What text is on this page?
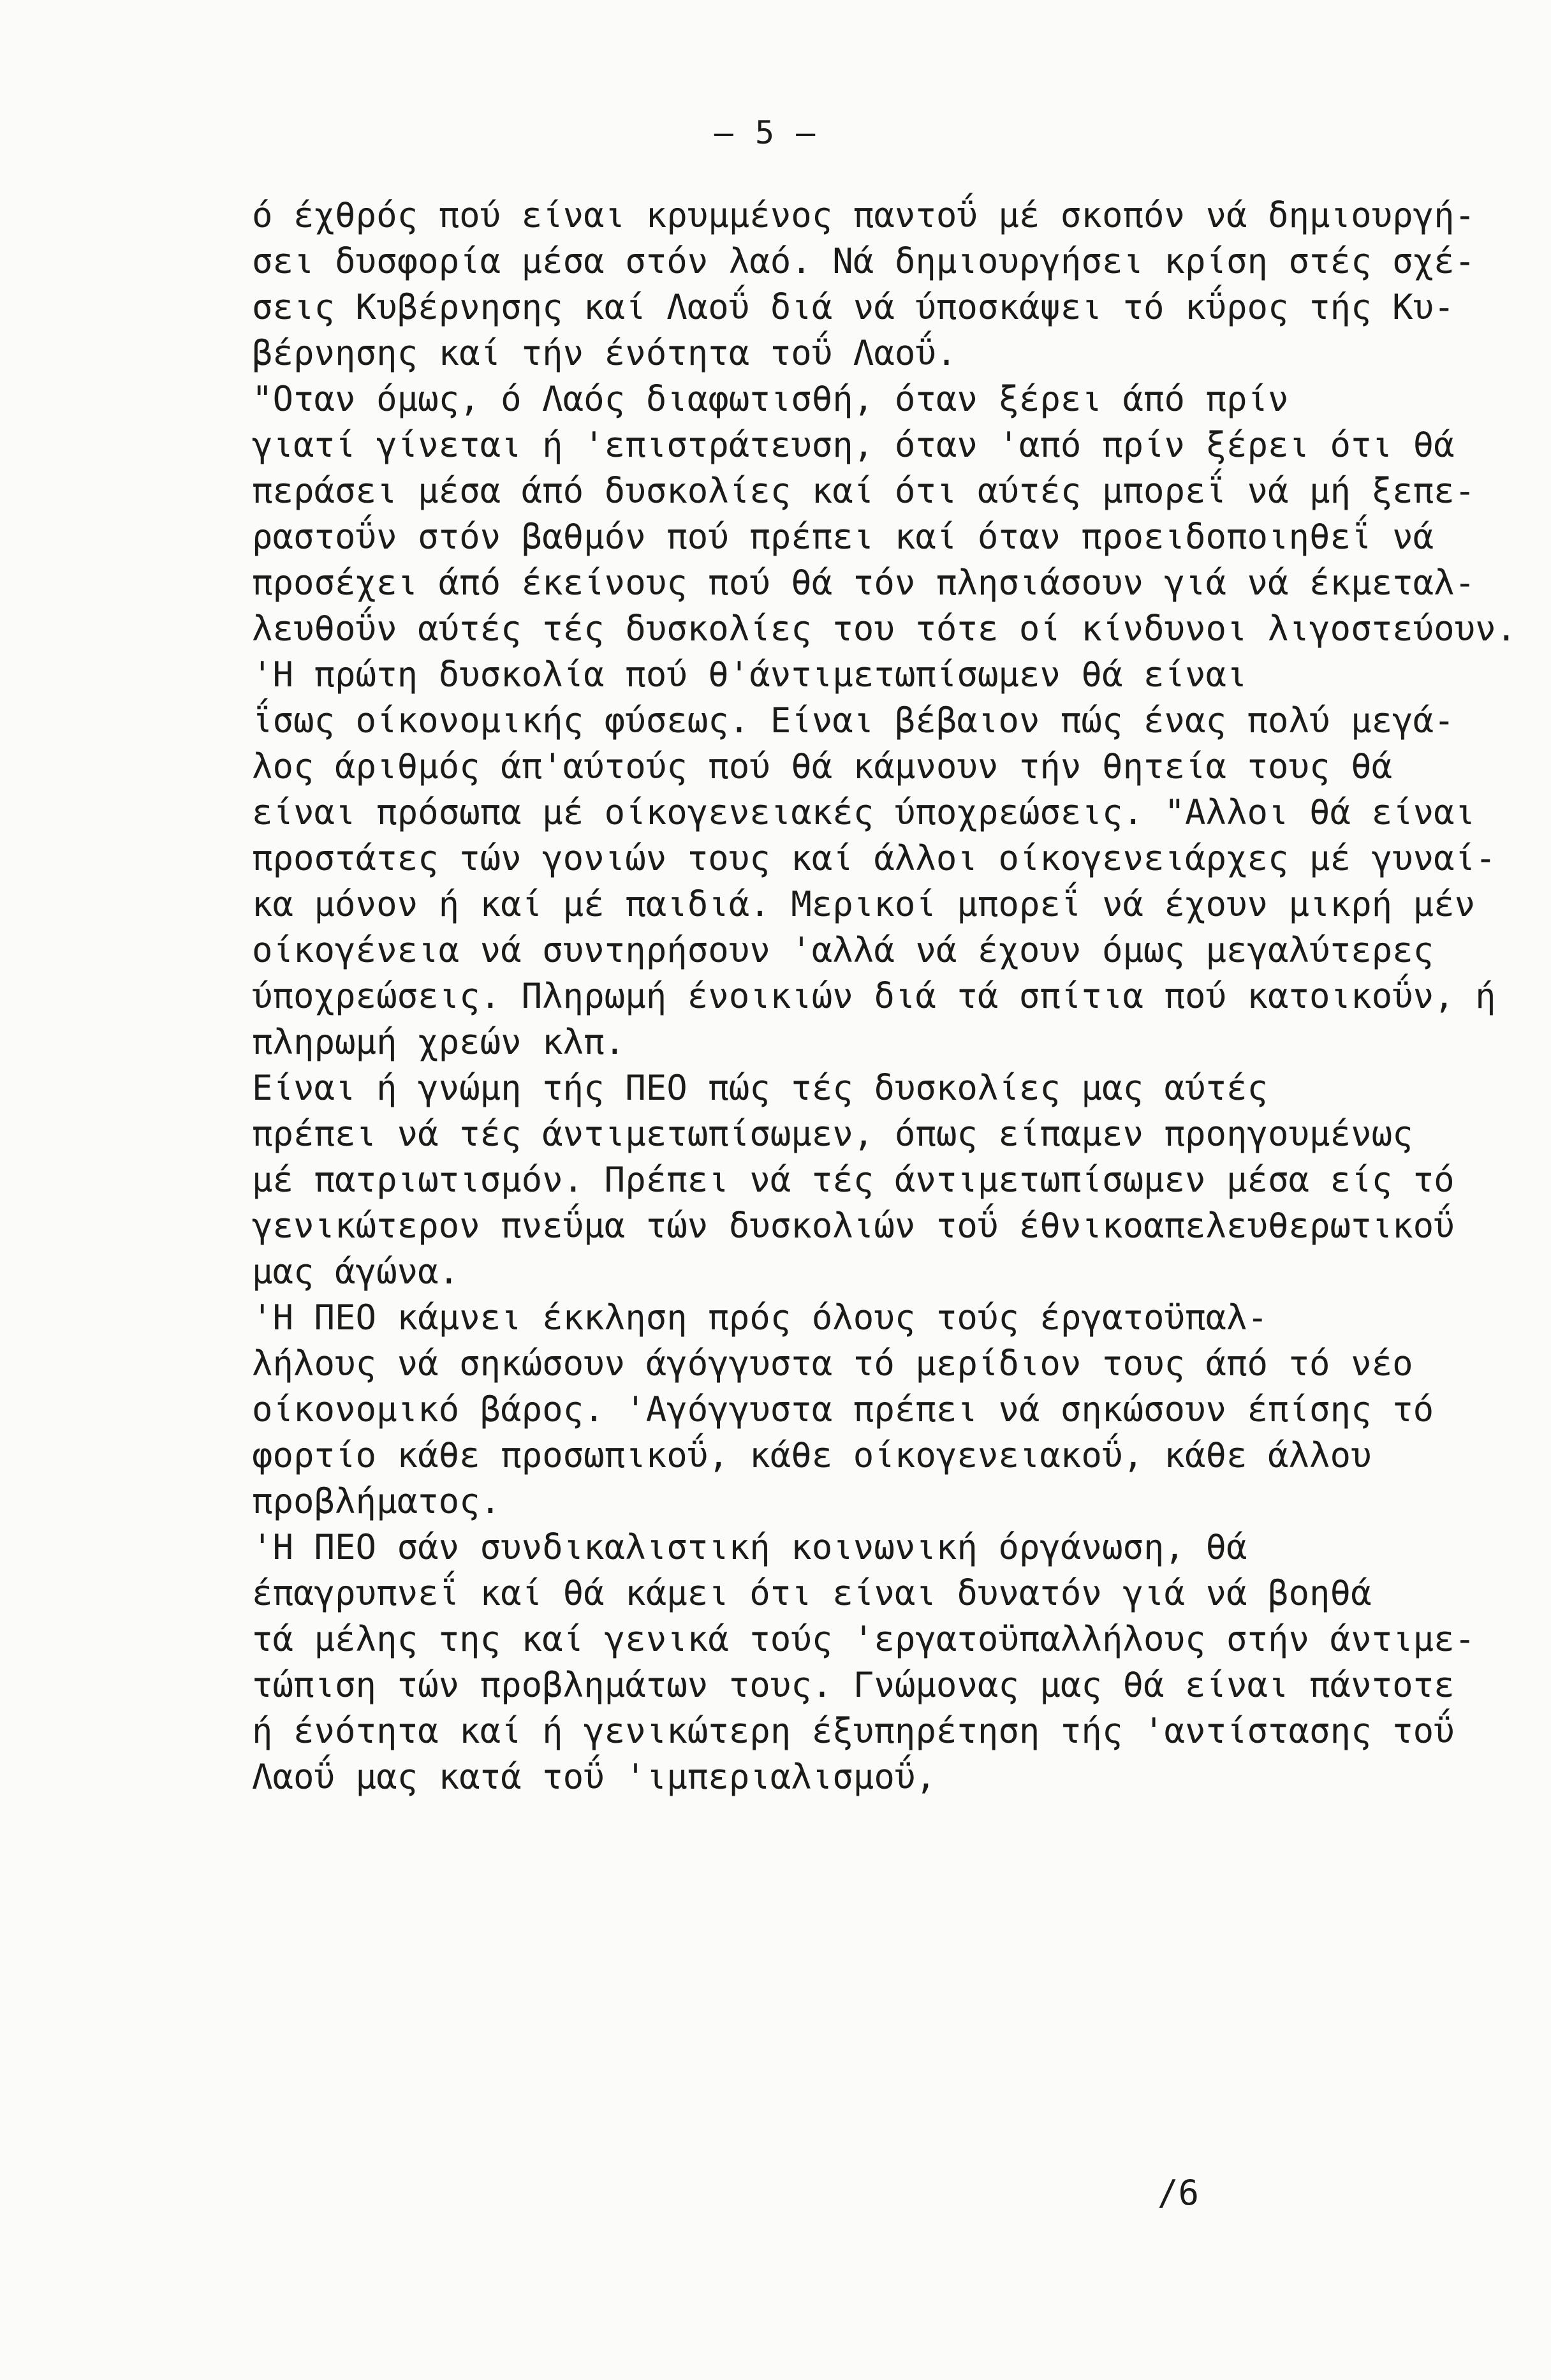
– 5 –
ό έχθρός πού είναι κρυμμένος παντοΰ μέ σκοπόν νά δημιουργή-
σει δυσφορία μέσα στόν λαό. Νά δημιουργήσει κρίση στές σχέ-
σεις Κυβέρνησης καί Λαοΰ διά νά ύποσκάψει τό κΰρος τής Κυ-
βέρνησης καί τήν ένότητα τοΰ Λαοΰ.
"Οταν όμως, ό Λαός διαφωτισθή, όταν ξέρει άπό πρίν
γιατί γίνεται ή 'επιστράτευση, όταν 'από πρίν ξέρει ότι θά
περάσει μέσα άπό δυσκολίες καί ότι αύτές μπορεΐ νά μή ξεπε-
ραστοΰν στόν βαθμόν πού πρέπει καί όταν προειδοποιηθεΐ νά
προσέχει άπό έκείνους πού θά τόν πλησιάσουν γιά νά έκμεταλ-
λευθοΰν αύτές τές δυσκολίες του τότε οί κίνδυνοι λιγοστεύουν.
'Η πρώτη δυσκολία πού θ'άντιμετωπίσωμεν θά είναι
ΐσως οίκονομικής φύσεως. Είναι βέβαιον πώς ένας πολύ μεγά-
λος άριθμός άπ'αύτούς πού θά κάμνουν τήν θητεία τους θά
είναι πρόσωπα μέ οίκογενειακές ύποχρεώσεις. "Αλλοι θά είναι
προστάτες τών γονιών τους καί άλλοι οίκογενειάρχες μέ γυναί-
κα μόνον ή καί μέ παιδιά. Μερικοί μπορεΐ νά έχουν μικρή μέν
οίκογένεια νά συντηρήσουν 'αλλά νά έχουν όμως μεγαλύτερες
ύποχρεώσεις. Πληρωμή ένοικιών διά τά σπίτια πού κατοικοΰν, ή
πληρωμή χρεών κλπ.
Είναι ή γνώμη τής ΠΕΟ πώς τές δυσκολίες μας αύτές
πρέπει νά τές άντιμετωπίσωμεν, όπως είπαμεν προηγουμένως
μέ πατριωτισμόν. Πρέπει νά τές άντιμετωπίσωμεν μέσα είς τό
γενικώτερον πνεΰμα τών δυσκολιών τοΰ έθνικοαπελευθερωτικοΰ
μας άγώνα.
'Η ΠΕΟ κάμνει έκκληση πρός όλους τούς έργατοϋπαλ-
λήλους νά σηκώσουν άγόγγυστα τό μερίδιον τους άπό τό νέο
οίκονομικό βάρος. 'Αγόγγυστα πρέπει νά σηκώσουν έπίσης τό
φορτίο κάθε προσωπικοΰ, κάθε οίκογενειακοΰ, κάθε άλλου
προβλήματος.
'Η ΠΕΟ σάν συνδικαλιστική κοινωνική όργάνωση, θά
έπαγρυπνεΐ καί θά κάμει ότι είναι δυνατόν γιά νά βοηθά
τά μέλης της καί γενικά τούς 'εργατοϋπαλλήλους στήν άντιμε-
τώπιση τών προβλημάτων τους. Γνώμονας μας θά είναι πάντοτε
ή ένότητα καί ή γενικώτερη έξυπηρέτηση τής 'αντίστασης τοΰ
Λαοΰ μας κατά τοΰ 'ιμπεριαλισμοΰ,
/6
